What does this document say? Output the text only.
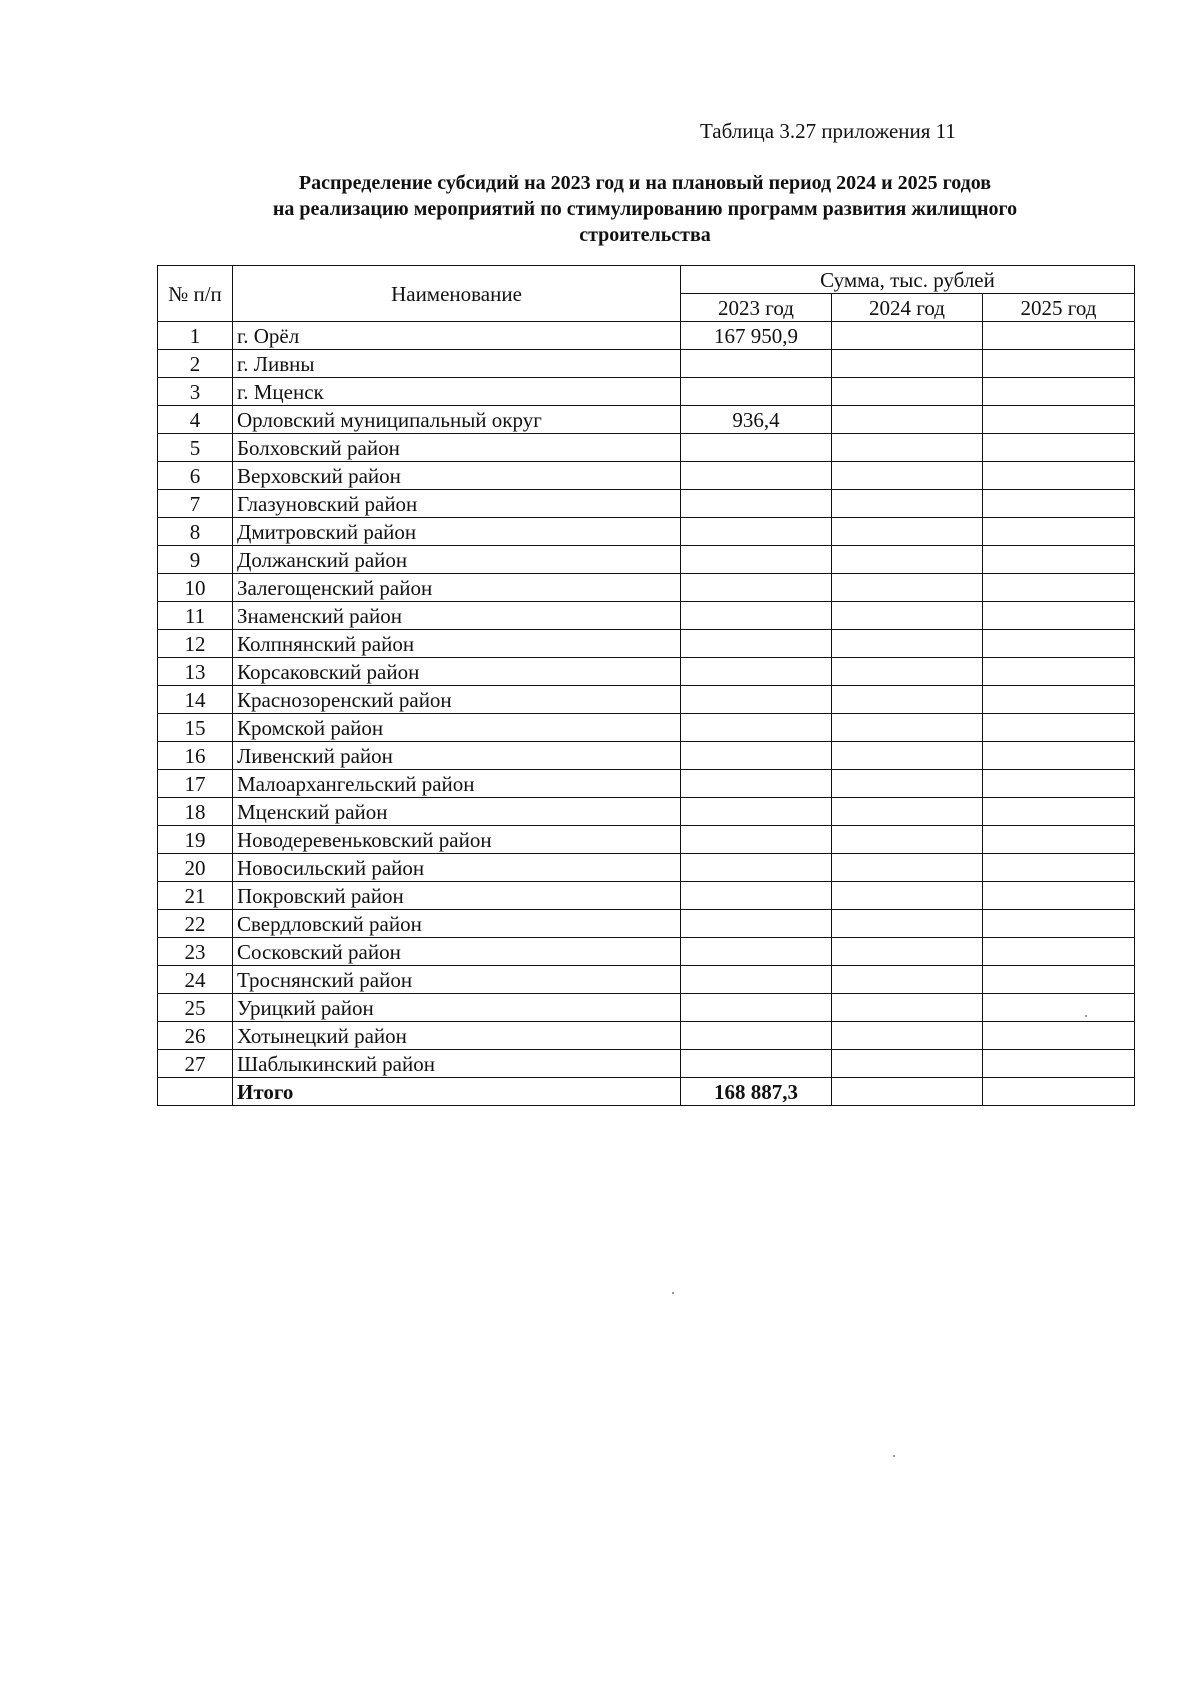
Таблица 3.27 приложения 11
Распределение субсидий на 2023 год и на плановый период 2024 и 2025 годов
на реализацию мероприятий по стимулированию программ развития жилищного
строительства
№ п/п	Наименование	Сумма, тыс. рублей		
		2023 год	2024 год	2025 год
1	г. Орёл	167 950,9		
2	г. Ливны			
3	г. Мценск			
4	Орловский муниципальный округ	936,4		
5	Болховский район			
6	Верховский район			
7	Глазуновский район			
8	Дмитровский район			
9	Должанский район			
10	Залегощенский район			
11	Знаменский район			
12	Колпнянский район			
13	Корсаковский район			
14	Краснозоренский район			
15	Кромской район			
16	Ливенский район			
17	Малоархангельский район			
18	Мценский район			
19	Новодеревеньковский район			
20	Новосильский район			
21	Покровский район			
22	Свердловский район			
23	Сосковский район			
24	Троснянский район			
25	Урицкий район			
26	Хотынецкий район			
27	Шаблыкинский район			
	Итого	168 887,3		
